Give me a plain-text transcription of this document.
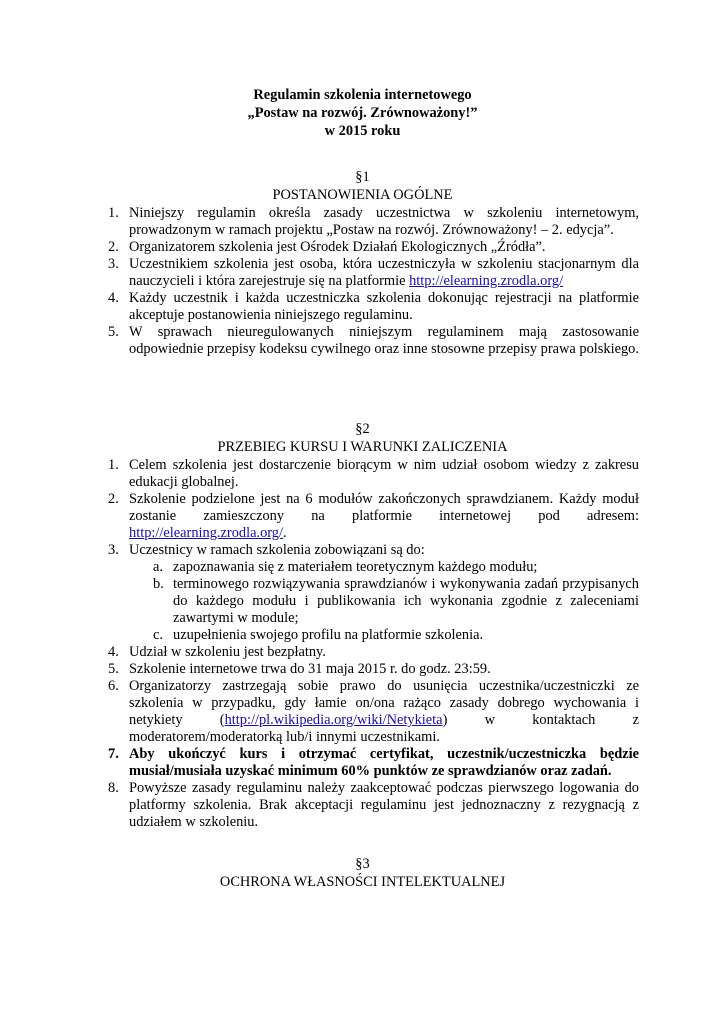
Regulamin szkolenia internetowego
„Postaw na rozwój. Zrównoważony!”
w 2015 roku
§1
POSTANOWIENIA OGÓLNE
1. Niniejszy regulamin określa zasady uczestnictwa w szkoleniu internetowym, prowadzonym w ramach projektu „Postaw na rozwój. Zrównoważony! – 2. edycja”.
2. Organizatorem szkolenia jest Ośrodek Działań Ekologicznych „Źródła”.
3. Uczestnikiem szkolenia jest osoba, która uczestniczyła w szkoleniu stacjonarnym dla nauczycieli i która zarejestruje się na platformie http://elearning.zrodla.org/
4. Każdy uczestnik i każda uczestniczka szkolenia dokonując rejestracji na platformie akceptuje postanowienia niniejszego regulaminu.
5. W sprawach nieuregulowanych niniejszym regulaminem mają zastosowanie odpowiednie przepisy kodeksu cywilnego oraz inne stosowne przepisy prawa polskiego.
§2
PRZEBIEG KURSU I WARUNKI ZALICZENIA
1. Celem szkolenia jest dostarczenie biorącym w nim udział osobom wiedzy z zakresu edukacji globalnej.
2. Szkolenie podzielone jest na 6 modułów zakończonych sprawdzianem. Każdy moduł zostanie zamieszczony na platformie internetowej pod adresem: http://elearning.zrodla.org/.
3. Uczestnicy w ramach szkolenia zobowiązani są do:
a. zapoznawania się z materiałem teoretycznym każdego modułu;
b. terminowego rozwiązywania sprawdzianów i wykonywania zadań przypisanych do każdego modułu i publikowania ich wykonania zgodnie z zaleceniami zawartymi w module;
c. uzupełnienia swojego profilu na platformie szkolenia.
4. Udział w szkoleniu jest bezpłatny.
5. Szkolenie internetowe trwa do 31 maja 2015 r. do godz. 23:59.
6. Organizatorzy zastrzegają sobie prawo do usunięcia uczestnika/uczestniczki ze szkolenia w przypadku, gdy łamie on/ona rażąco zasady dobrego wychowania i netykiety (http://pl.wikipedia.org/wiki/Netykieta) w kontaktach z moderatorem/moderatorką lub/i innymi uczestnikami.
7. Aby ukończyć kurs i otrzymać certyfikat, uczestnik/uczestniczka będzie musiał/musiała uzyskać minimum 60% punktów ze sprawdzianów oraz zadań.
8. Powyższe zasady regulaminu należy zaakceptować podczas pierwszego logowania do platformy szkolenia. Brak akceptacji regulaminu jest jednoznaczny z rezygnacją z udziałem w szkoleniu.
§3
OCHRONA WŁASNOŚCI INTELEKTUALNEJ
